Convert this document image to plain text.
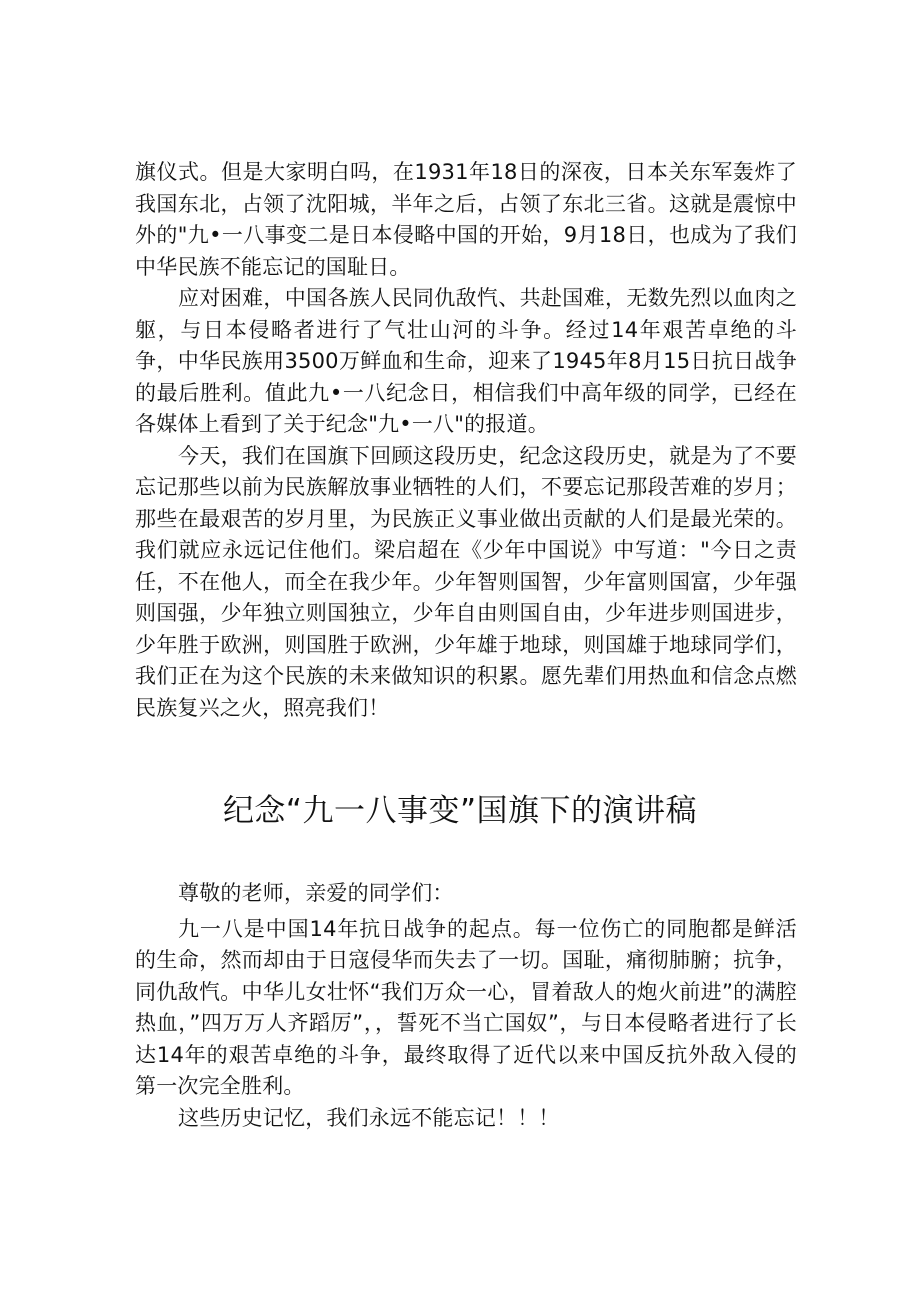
旗仪式。但是大家明白吗，在1931年18日的深夜，日本关东军轰炸了我国东北，占领了沈阳城，半年之后，占领了东北三省。这就是震惊中外的"九•一八事变二是日本侵略中国的开始，9月18日，也成为了我们中华民族不能忘记的国耻日。

应对困难，中国各族人民同仇敌忾、共赴国难，无数先烈以血肉之躯，与日本侵略者进行了气壮山河的斗争。经过14年艰苦卓绝的斗争，中华民族用3500万鲜血和生命，迎来了1945年8月15日抗日战争的最后胜利。值此九•一八纪念日，相信我们中高年级的同学，已经在各媒体上看到了关于纪念"九•一八"的报道。

今天，我们在国旗下回顾这段历史，纪念这段历史，就是为了不要忘记那些以前为民族解放事业牺牲的人们，不要忘记那段苦难的岁月；那些在最艰苦的岁月里，为民族正义事业做出贡献的人们是最光荣的。我们就应永远记住他们。梁启超在《少年中国说》中写道："今日之责任，不在他人，而全在我少年。少年智则国智，少年富则国富，少年强则国强，少年独立则国独立，少年自由则国自由，少年进步则国进步，少年胜于欧洲，则国胜于欧洲，少年雄于地球，则国雄于地球同学们，我们正在为这个民族的未来做知识的积累。愿先辈们用热血和信念点燃民族复兴之火，照亮我们！

纪念“九一八事变”国旗下的演讲稿

尊敬的老师，亲爱的同学们：

九一八是中国14年抗日战争的起点。每一位伤亡的同胞都是鲜活的生命，然而却由于日寇侵华而失去了一切。国耻，痛彻肺腑；抗争，同仇敌忾。中华儿女壮怀“我们万众一心，冒着敌人的炮火前进”的满腔热血，”四万万人齐蹈厉”，，誓死不当亡国奴”，与日本侵略者进行了长达14年的艰苦卓绝的斗争，最终取得了近代以来中国反抗外敌入侵的第一次完全胜利。

这些历史记忆，我们永远不能忘记！！！
